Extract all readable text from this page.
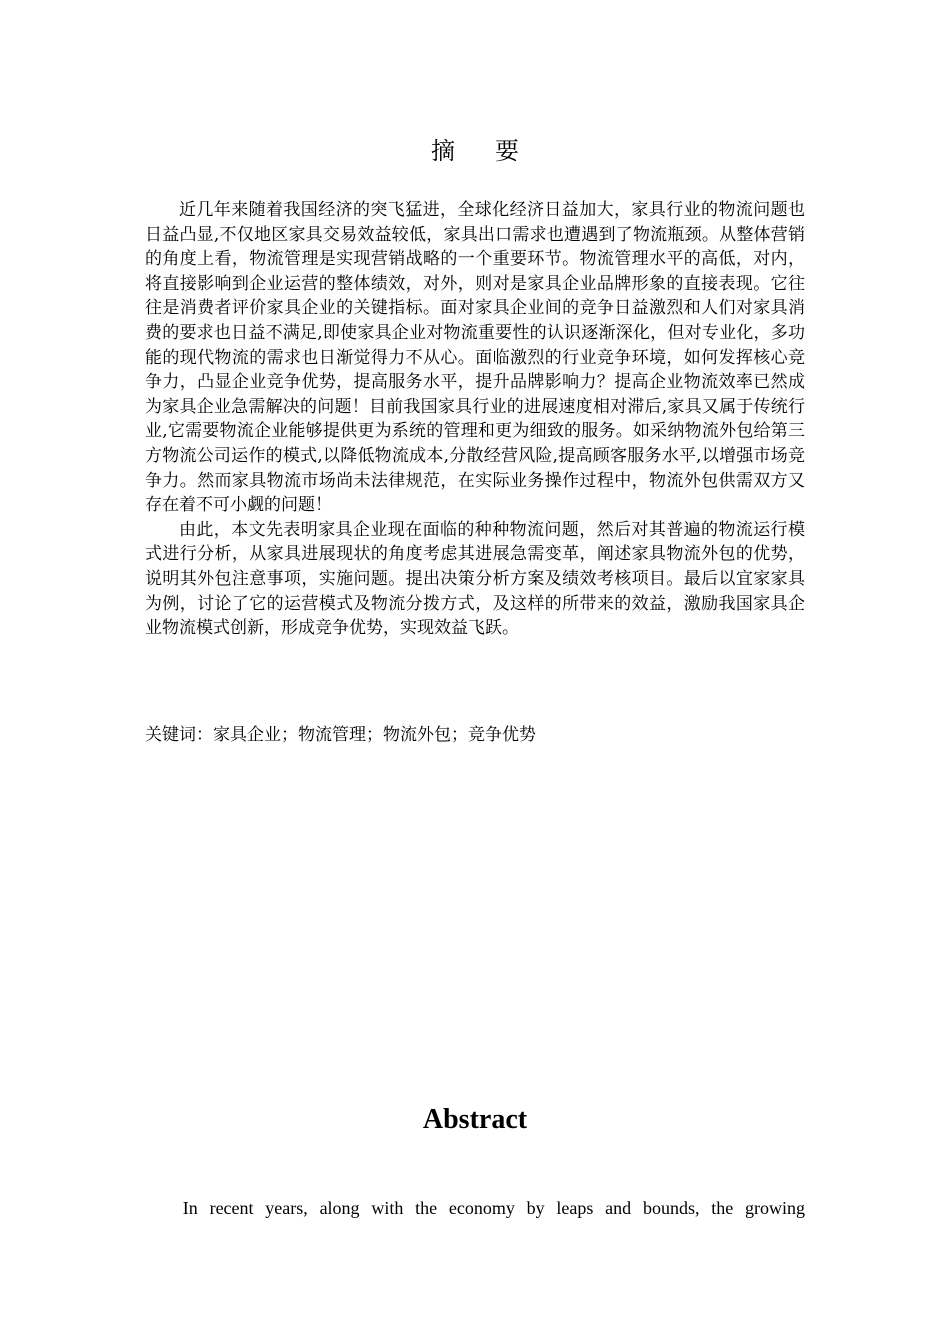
摘要

近几年来随着我国经济的突飞猛进，全球化经济日益加大，家具行业的物流问题也日益凸显,不仅地区家具交易效益较低，家具出口需求也遭遇到了物流瓶颈。从整体营销的角度上看，物流管理是实现营销战略的一个重要环节。物流管理水平的高低，对内，将直接影响到企业运营的整体绩效，对外，则对是家具企业品牌形象的直接表现。它往往是消费者评价家具企业的关键指标。面对家具企业间的竞争日益激烈和人们对家具消费的要求也日益不满足,即使家具企业对物流重要性的认识逐渐深化，但对专业化，多功能的现代物流的需求也日渐觉得力不从心。面临激烈的行业竞争环境，如何发挥核心竞争力，凸显企业竞争优势，提高服务水平，提升品牌影响力？提高企业物流效率已然成为家具企业急需解决的问题！目前我国家具行业的进展速度相对滞后,家具又属于传统行业,它需要物流企业能够提供更为系统的管理和更为细致的服务。如采纳物流外包给第三方物流公司运作的模式,以降低物流成本,分散经营风险,提高顾客服务水平,以增强市场竞争力。然而家具物流市场尚未法律规范，在实际业务操作过程中，物流外包供需双方又存在着不可小觑的问题！

由此，本文先表明家具企业现在面临的种种物流问题，然后对其普遍的物流运行模式进行分析，从家具进展现状的角度考虑其进展急需变革，阐述家具物流外包的优势，说明其外包注意事项，实施问题。提出决策分析方案及绩效考核项目。最后以宜家家具为例，讨论了它的运营模式及物流分拨方式，及这样的所带来的效益，激励我国家具企业物流模式创新，形成竞争优势，实现效益飞跃。

关键词：家具企业；物流管理；物流外包；竞争优势
Abstract

In recent years, along with the economy by leaps and bounds, the growing
